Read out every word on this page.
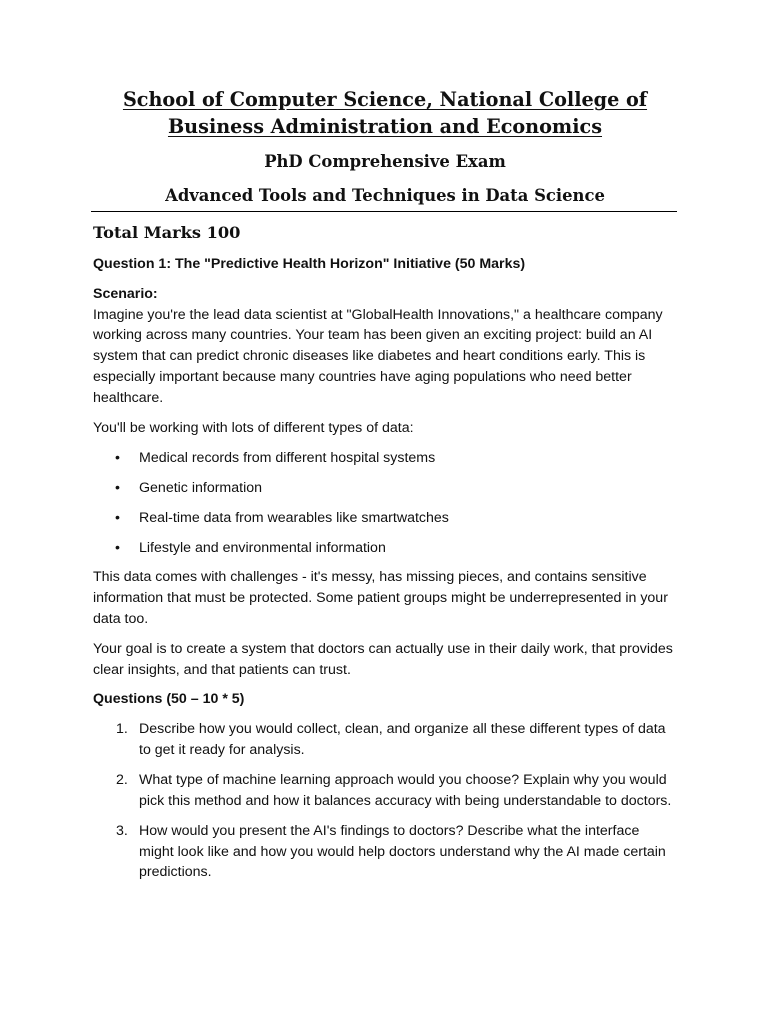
School of Computer Science, National College of
Business Administration and Economics

PhD Comprehensive Exam

Advanced Tools and Techniques in Data Science

Total Marks 100

Question 1: The "Predictive Health Horizon" Initiative (50 Marks)

Scenario:

Imagine you're the lead data scientist at "GlobalHealth Innovations," a healthcare company working across many countries. Your team has been given an exciting project: build an AI system that can predict chronic diseases like diabetes and heart conditions early. This is especially important because many countries have aging populations who need better healthcare.

You'll be working with lots of different types of data:

• Medical records from different hospital systems
• Genetic information
• Real-time data from wearables like smartwatches
• Lifestyle and environmental information

This data comes with challenges - it's messy, has missing pieces, and contains sensitive information that must be protected. Some patient groups might be underrepresented in your data too.

Your goal is to create a system that doctors can actually use in their daily work, that provides clear insights, and that patients can trust.

Questions (50 – 10 * 5)

1. Describe how you would collect, clean, and organize all these different types of data to get it ready for analysis.
2. What type of machine learning approach would you choose? Explain why you would pick this method and how it balances accuracy with being understandable to doctors.
3. How would you present the AI's findings to doctors? Describe what the interface might look like and how you would help doctors understand why the AI made certain predictions.
